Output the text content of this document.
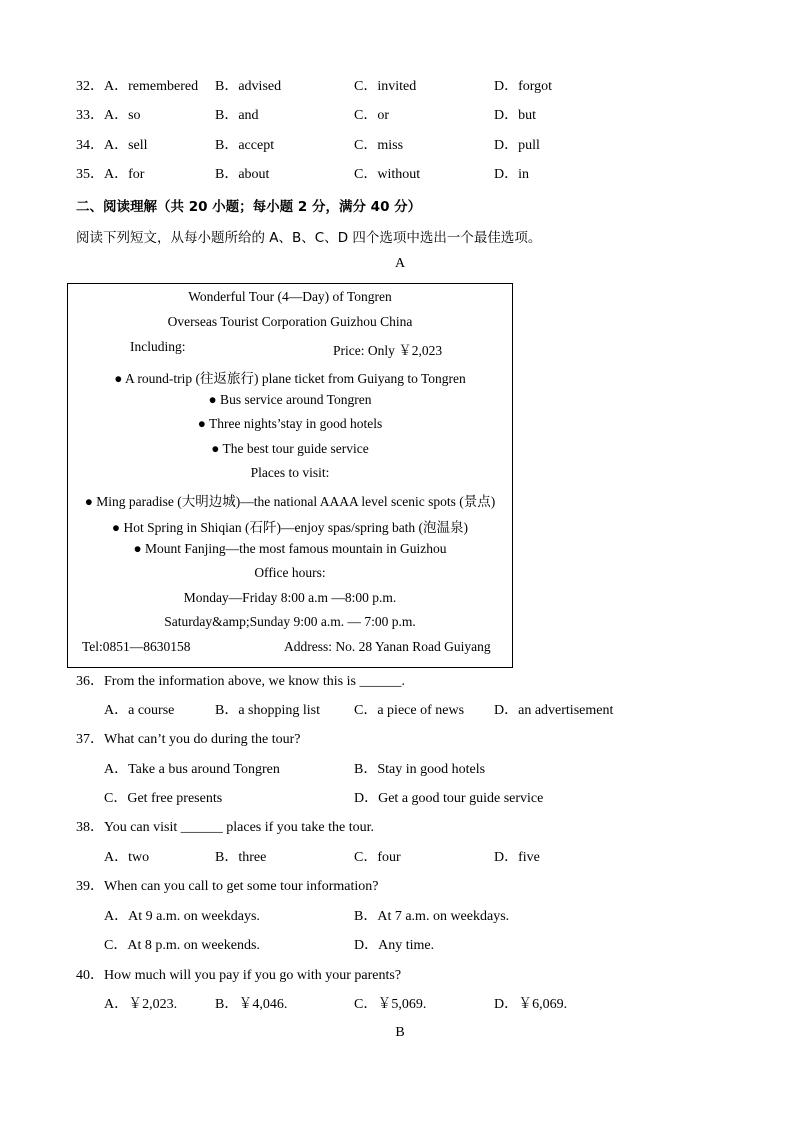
32． A．remembered B．advised	C．invited	D．forgot
33． A．so	B．and	C．or	D．but
34． A．sell	B．accept	C．miss	D．pull
35． A．for	B．about	C．without	D．in
二、阅读理解（共 20 小题；每小题 2 分，满分 40 分）
阅读下列短文，从每小题所给的 A、B、C、D 四个选项中选出一个最佳选项。
A
Wonderful Tour (4—Day) of Tongren
Overseas Tourist Corporation Guizhou China
Including:	Price: Only ￥2,023
● A round-trip (往返旅行) plane ticket from Guiyang to Tongren
● Bus service around Tongren
● Three nights’stay in good hotels
● The best tour guide service
Places to visit:
● Ming paradise (大明边城)—the national AAAA level scenic spots (景点)
● Hot Spring in Shiqian (石阡)—enjoy spas/spring bath (泡温泉)
● Mount Fanjing—the most famous mountain in Guizhou
Office hours:
Monday—Friday 8:00 a.m —8:00 p.m.
Saturday&amp;Sunday 9:00 a.m. — 7:00 p.m.
Tel:0851—8630158	Address: No. 28 Yanan Road Guiyang
36． From the information above, we know this is ______.
A．a course	B．a shopping list C．a piece of news D．an advertisement
37． What can’t you do during the tour?
A．Take a bus around Tongren	B．Stay in good hotels
C．Get free presents	D．Get a good tour guide service
38． You can visit ______ places if you take the tour.
A．two	B．three	C．four	D．five
39． When can you call to get some tour information?
A．At 9 a.m. on weekdays.	B．At 7 a.m. on weekdays.
C．At 8 p.m. on weekends.	D．Any time.
40． How much will you pay if you go with your parents?
A．￥2,023.	B．￥4,046.	C．￥5,069.	D．￥6,069.
B
